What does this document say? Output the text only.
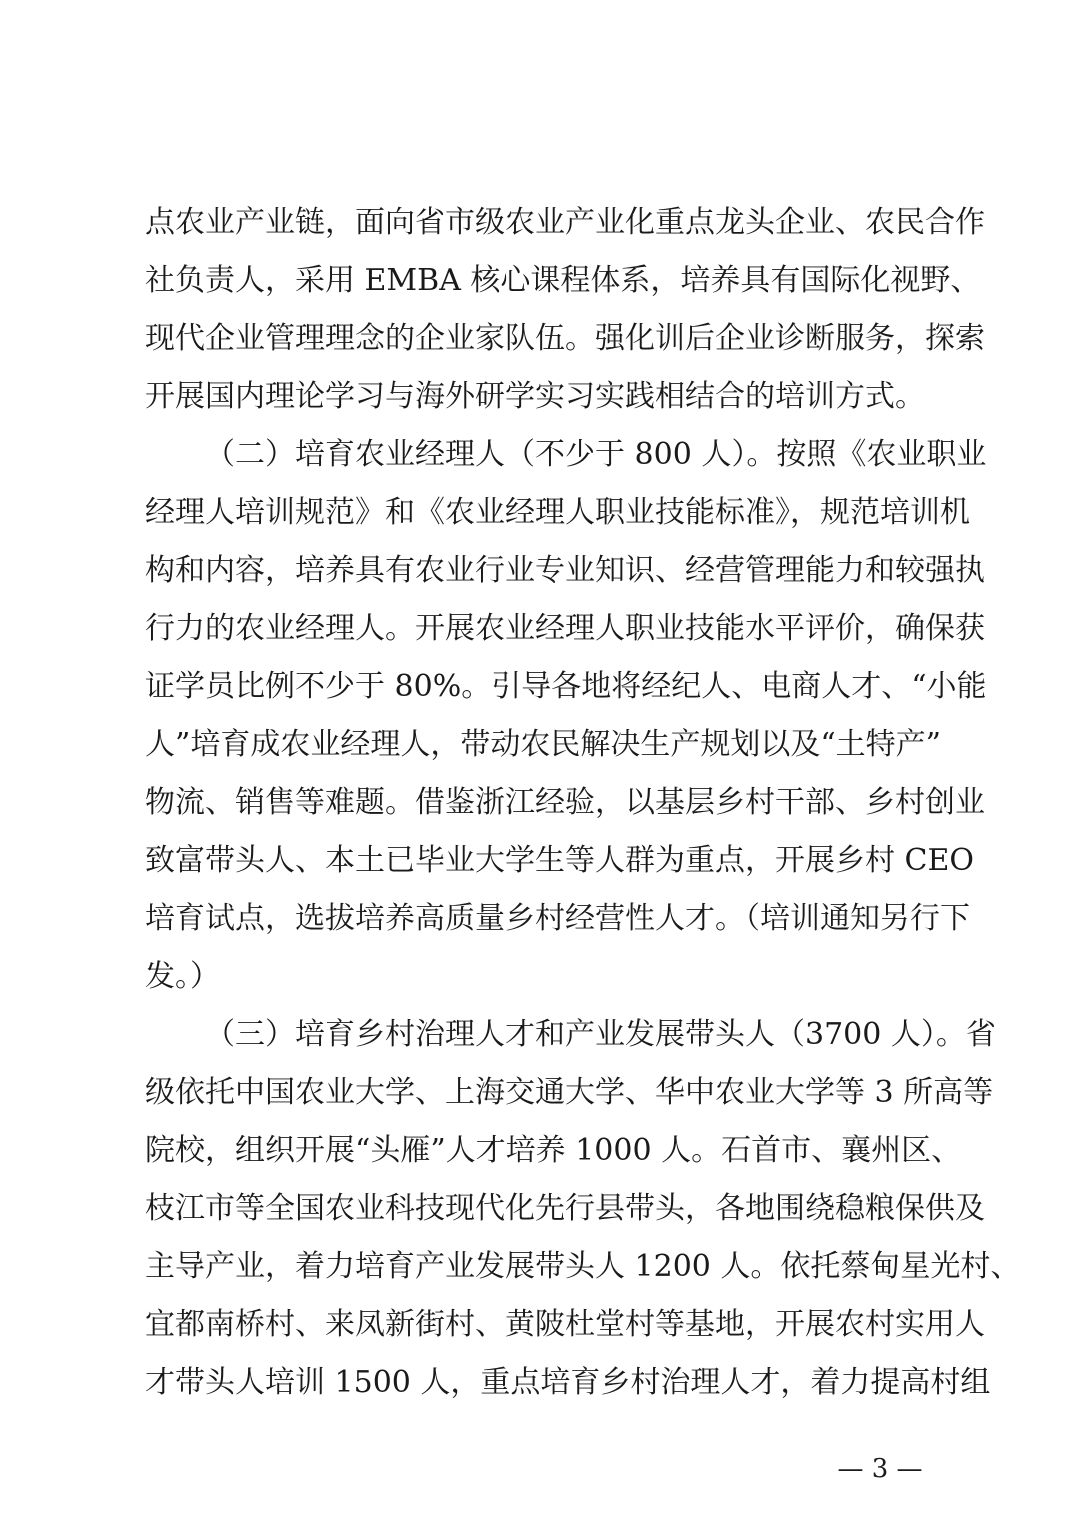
点农业产业链，面向省市级农业产业化重点龙头企业、农民合作
社负责人，采用 EMBA 核心课程体系，培养具有国际化视野、
现代企业管理理念的企业家队伍。强化训后企业诊断服务，探索
开展国内理论学习与海外研学实习实践相结合的培训方式。
（二）培育农业经理人（不少于 800 人）。按照《农业职业
经理人培训规范》和《农业经理人职业技能标准》，规范培训机
构和内容，培养具有农业行业专业知识、经营管理能力和较强执
行力的农业经理人。开展农业经理人职业技能水平评价，确保获
证学员比例不少于 80%。引导各地将经纪人、电商人才、“小能
人”培育成农业经理人，带动农民解决生产规划以及“土特产”
物流、销售等难题。借鉴浙江经验，以基层乡村干部、乡村创业
致富带头人、本土已毕业大学生等人群为重点，开展乡村 CEO
培育试点，选拔培养高质量乡村经营性人才。（培训通知另行下
发。）
（三）培育乡村治理人才和产业发展带头人（3700 人）。省
级依托中国农业大学、上海交通大学、华中农业大学等 3 所高等
院校，组织开展“头雁”人才培养 1000 人。石首市、襄州区、
枝江市等全国农业科技现代化先行县带头，各地围绕稳粮保供及
主导产业，着力培育产业发展带头人 1200 人。依托蔡甸星光村、
宜都南桥村、来凤新街村、黄陂杜堂村等基地，开展农村实用人
才带头人培训 1500 人，重点培育乡村治理人才，着力提高村组
— 3 —
